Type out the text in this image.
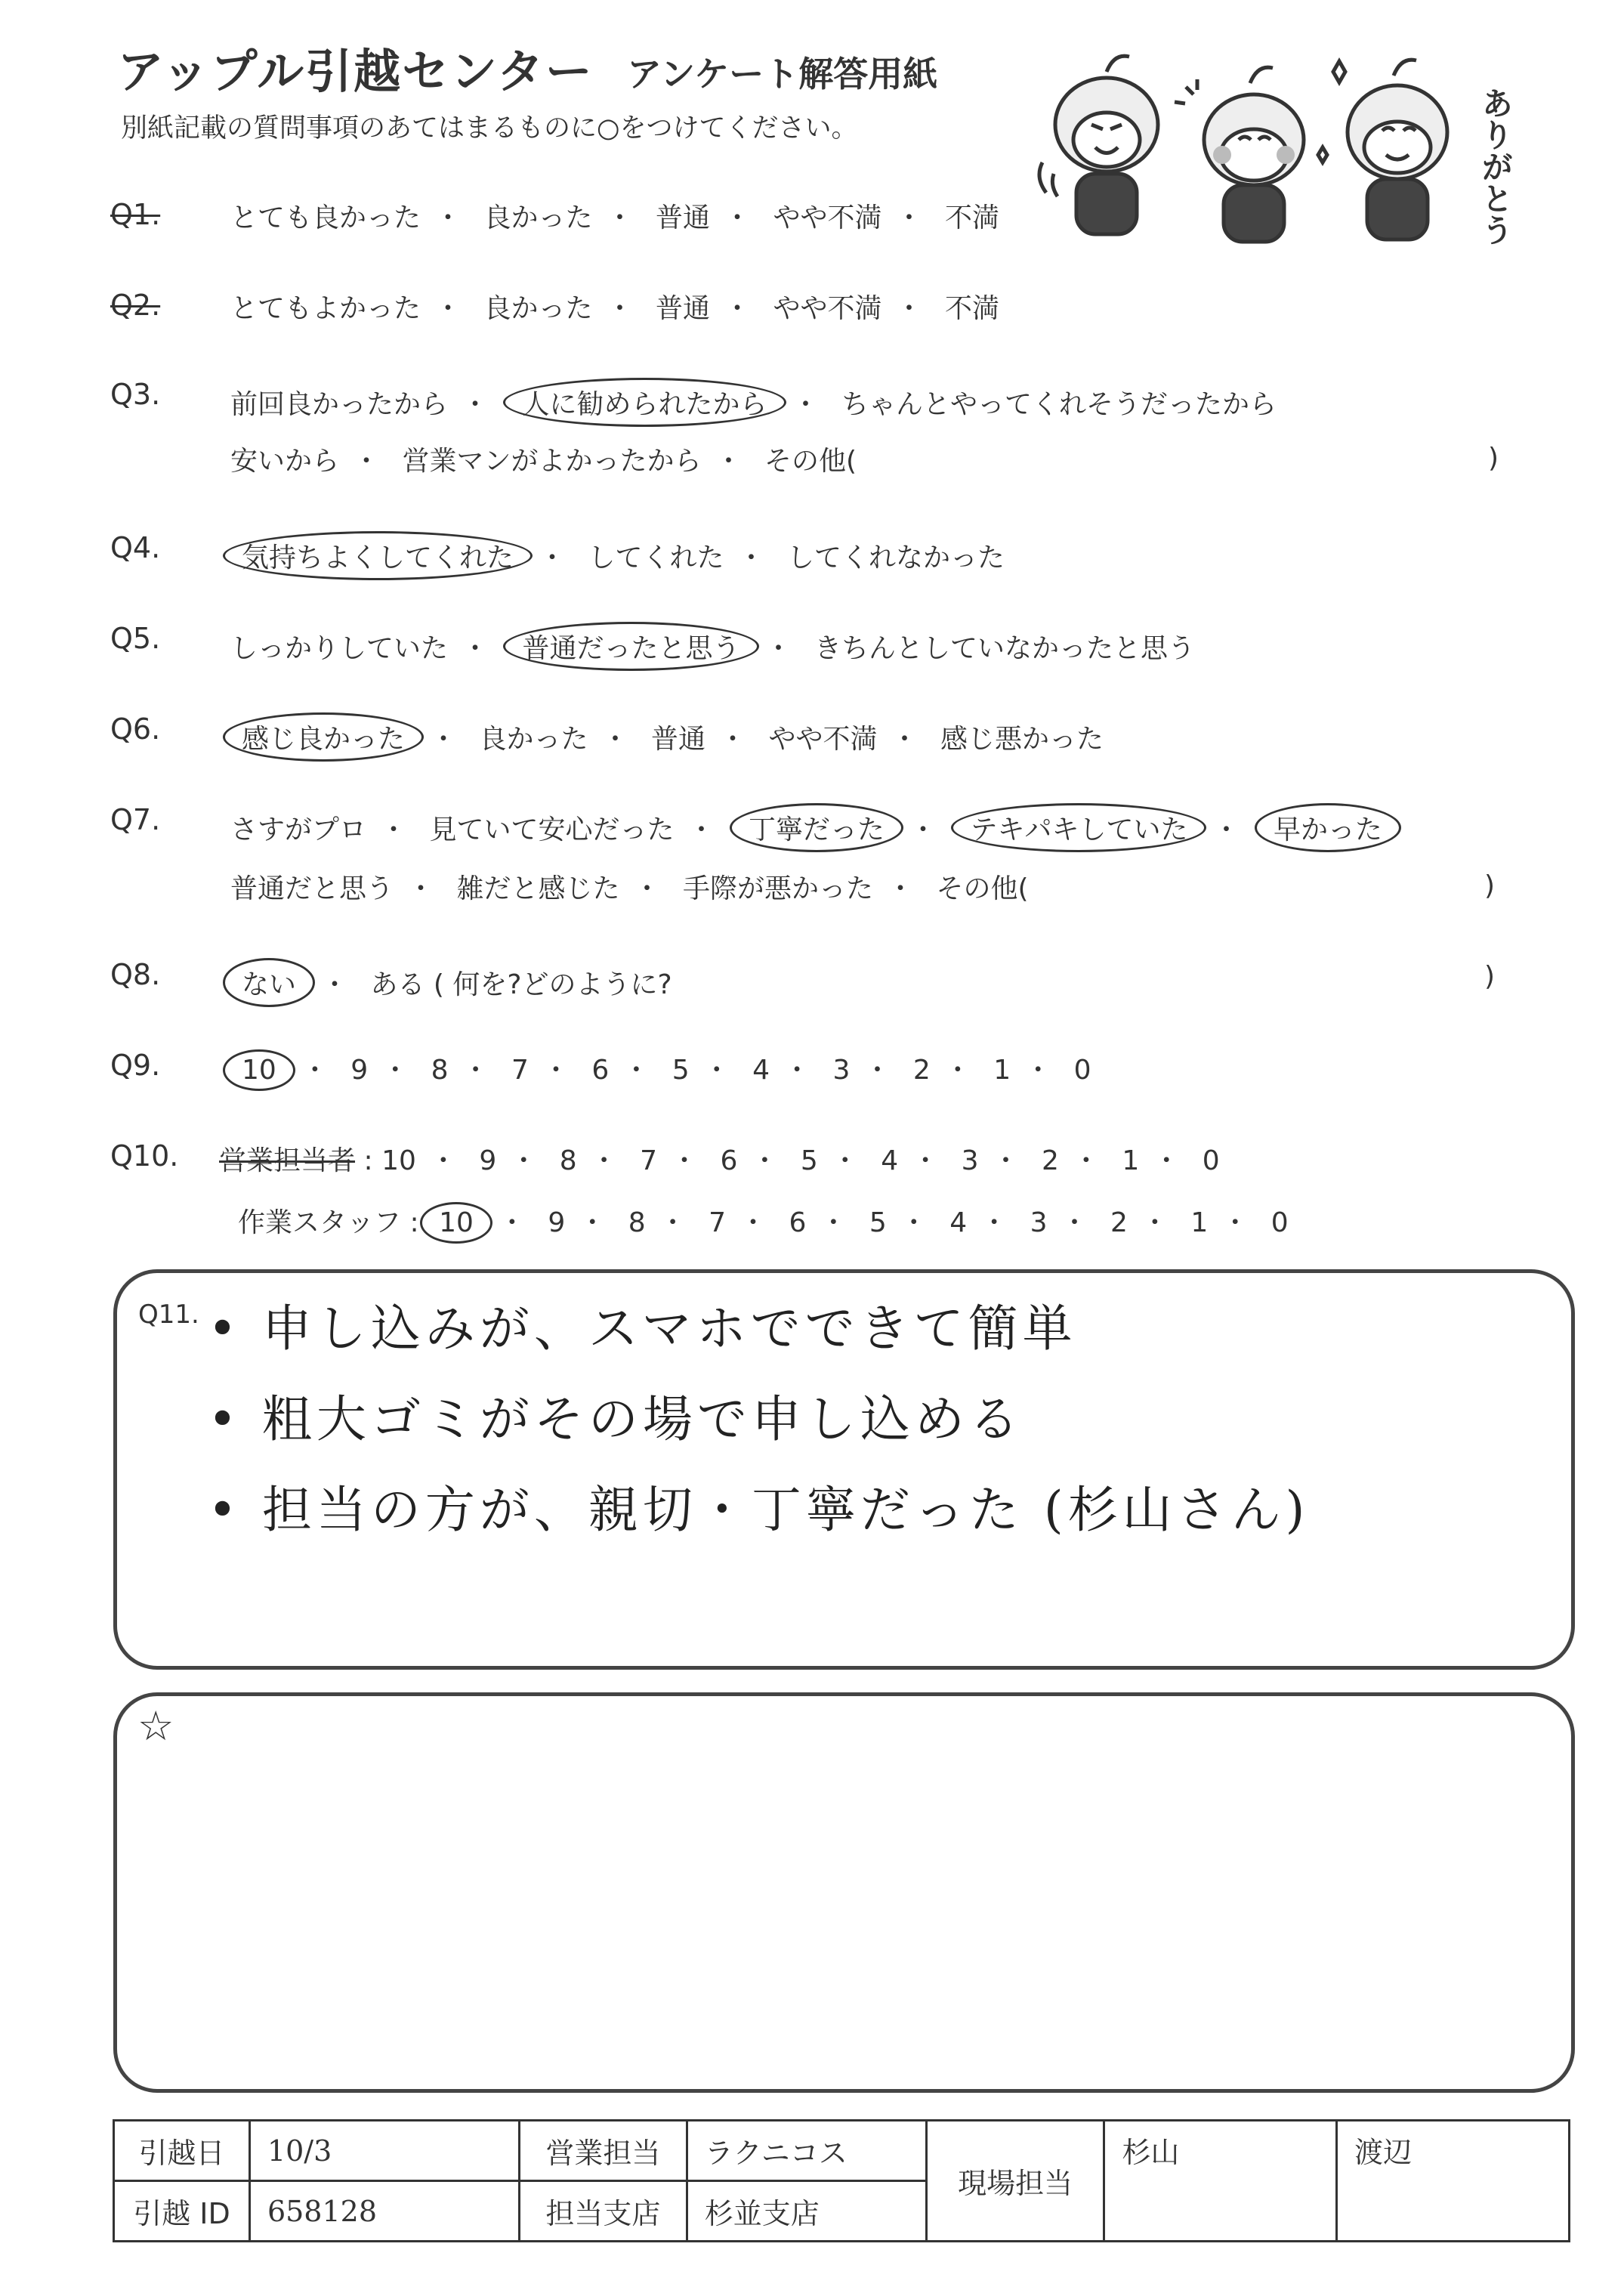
アップル引越センター アンケート解答用紙
別紙記載の質問事項のあてはまるものに○をつけてください。	ありがとう
Q1.	とても良かった ・ 良かった ・ 普通 ・ やや不満 ・ 不満
Q2.	とてもよかった ・ 良かった ・ 普通 ・ やや不満 ・ 不満
Q3.	前回良かったから ・ 人に勧められたから ・ ちゃんとやってくれそうだったから
安いから ・ 営業マンがよかったから ・ その他(	)
Q4.	気持ちよくしてくれた ・ してくれた ・ してくれなかった
Q5.	しっかりしていた ・ 普通だったと思う ・ きちんとしていなかったと思う
Q6.	感じ良かった ・ 良かった ・ 普通 ・ やや不満 ・ 感じ悪かった
Q7.	さすがプロ ・ 見ていて安心だった ・ 丁寧だった ・ テキパキしていた ・ 早かった
普通だと思う ・ 雑だと感じた ・ 手際が悪かった ・ その他(	)
Q8.	ない ・ ある ( 何を?どのように?	)
Q9.	10 ・ 9 ・ 8 ・ 7 ・ 6 ・ 5 ・ 4 ・ 3 ・ 2 ・ 1 ・ 0
Q10. 営業担当者 : 10 ・ 9 ・ 8 ・ 7 ・ 6 ・ 5 ・ 4 ・ 3 ・ 2 ・ 1 ・ 0
作業スタッフ : 10 ・ 9 ・ 8 ・ 7 ・ 6 ・ 5 ・ 4 ・ 3 ・ 2 ・ 1 ・ 0
Q11. • 申し込みが、スマホでできて簡単
• 粗大ゴミがその場で申し込める
• 担当の方が、親切・丁寧だった (杉山さん)
☆
引越日	10/3	営業担当	ラクニコス	現場担当	杉山	渡辺
引越 ID	658128	担当支店	杉並支店			
